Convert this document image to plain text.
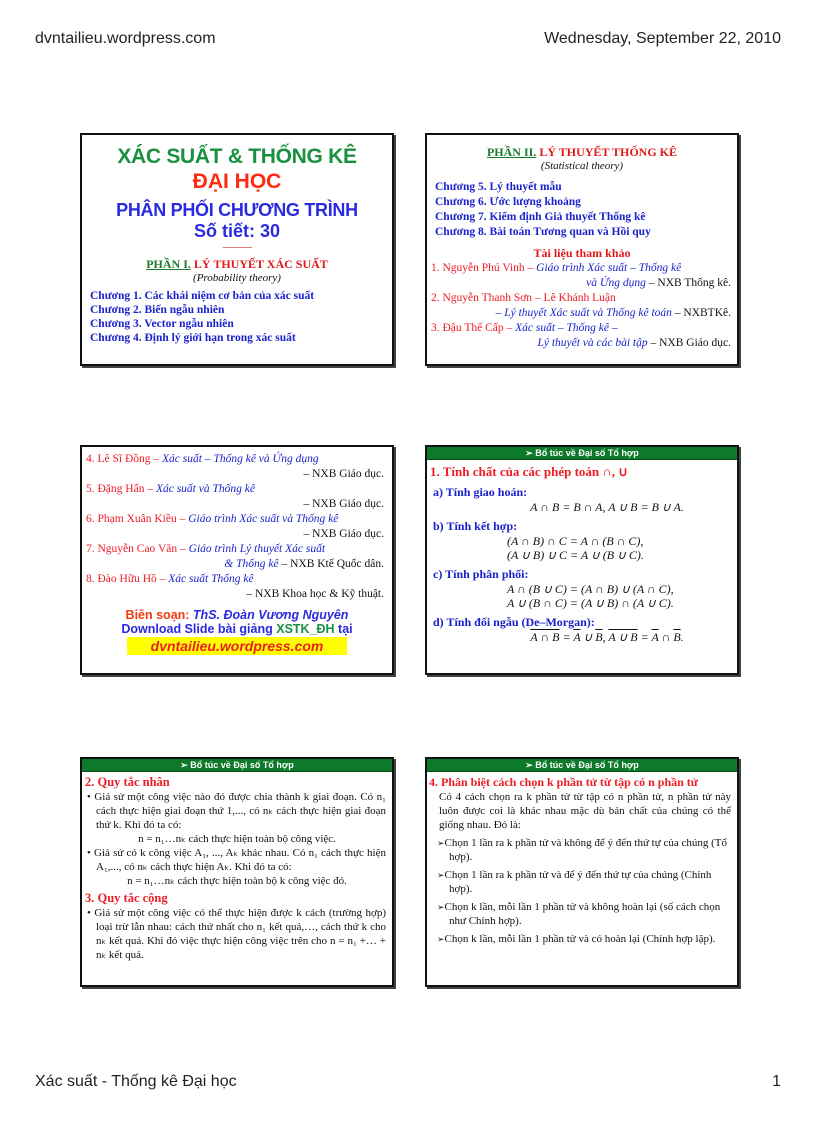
dvntailieu.wordpress.com	Wednesday, September 22, 2010
XÁC SUẤT & THỐNG KÊ
ĐẠI HỌC
PHÂN PHỐI CHƯƠNG TRÌNH
Số tiết: 30
----------------------
PHẦN I. LÝ THUYẾT XÁC SUẤT
(Probability theory)
Chương 1. Các khái niệm cơ bản của xác suất
Chương 2. Biến ngẫu nhiên
Chương 3. Vector ngẫu nhiên
Chương 4. Định lý giới hạn trong xác suất
PHẦN II. LÝ THUYẾT THỐNG KÊ
(Statistical theory)
Chương 5. Lý thuyết mẫu
Chương 6. Ước lượng khoảng
Chương 7. Kiểm định Giả thuyết Thống kê
Chương 8. Bài toán Tương quan và Hồi quy
Tài liệu tham khảo
1. Nguyễn Phú Vinh – Giáo trình Xác suất – Thống kê
và Ứng dụng – NXB Thống kê.
2. Nguyễn Thanh Sơn – Lê Khánh Luận
– Lý thuyết Xác suất và Thống kê toán – NXBTKê.
3. Đậu Thế Cấp – Xác suất – Thống kê –
Lý thuyết và các bài tập – NXB Giáo dục.
4. Lê Sĩ Đồng – Xác suất – Thống kê và Ứng dụng
– NXB Giáo dục.
5. Đặng Hấn – Xác suất và Thống kê
– NXB Giáo dục.
6. Phạm Xuân Kiều – Giáo trình Xác suất và Thống kê
– NXB Giáo dục.
7. Nguyễn Cao Văn – Giáo trình Lý thuyết Xác suất
& Thống kê – NXB Ktế Quốc dân.
8. Đào Hữu Hồ – Xác suất Thống kê
– NXB Khoa học & Kỹ thuật.
Biên soạn: ThS. Đoàn Vương Nguyên
Download Slide bài giảng XSTK_ĐH tại
dvntailieu.wordpress.com
➢ Bổ túc về Đại số Tổ hợp
1. Tính chất của các phép toán ∩, ∪
a) Tính giao hoán:
A ∩ B = B ∩ A, A ∪ B = B ∪ A.
b) Tính kết hợp:
(A ∩ B) ∩ C = A ∩ (B ∩ C),
(A ∪ B) ∪ C = A ∪ (B ∪ C).
c) Tính phân phối:
A ∩ (B ∪ C) = (A ∩ B) ∪ (A ∩ C),
A ∪ (B ∩ C) = (A ∪ B) ∩ (A ∪ C).
d) Tính đối ngẫu (De–Morgan):
A ∩ $B = \overline{A}$ ∪ $\overline{B}$, A ∪ $B = \overline{A}$ ∩ $\overline{B}$.
➢ Bổ túc về Đại số Tổ hợp
2. Quy tắc nhân
• Giả sử một công việc nào đó được chia thành k giai đoạn. Có n₁ cách thực hiện giai đoạn thứ 1,..., có nₖ cách thực hiện giai đoạn thứ k. Khi đó ta có:
n = n₁…nₖ cách thực hiện toàn bộ công việc.
• Giả sử có k công việc A₁, ..., Aₖ khác nhau. Có n₁ cách thực hiện A₁,..., có nₖ cách thực hiện Aₖ. Khi đó ta có:
n = n₁…nₖ cách thực hiện toàn bộ k công việc đó.
3. Quy tắc cộng
• Giả sử một công việc có thể thực hiện được k cách (trường hợp) loại trừ lẫn nhau: cách thứ nhất cho n₁ kết quả,…, cách thứ k cho nₖ kết quả. Khi đó việc thực hiện công việc trên cho n = n₁ +… + nₖ kết quả.
➢ Bổ túc về Đại số Tổ hợp
4. Phân biệt cách chọn k phần tử từ tập có n phần tử
Có 4 cách chọn ra k phần tử từ tập có n phần tử, n phần tử này luôn được coi là khác nhau mặc dù bản chất của chúng có thể giống nhau. Đó là:
➢ Chọn 1 lần ra k phần tử và không để ý đến thứ tự của chúng (Tổ hợp).
➢ Chọn 1 lần ra k phần tử và để ý đến thứ tự của chúng (Chỉnh hợp).
➢ Chọn k lần, mỗi lần 1 phần tử và không hoàn lại (số cách chọn như Chỉnh hợp).
➢ Chọn k lần, mỗi lần 1 phần tử và có hoàn lại (Chỉnh hợp lặp).
Xác suất - Thống kê Đại học	1
